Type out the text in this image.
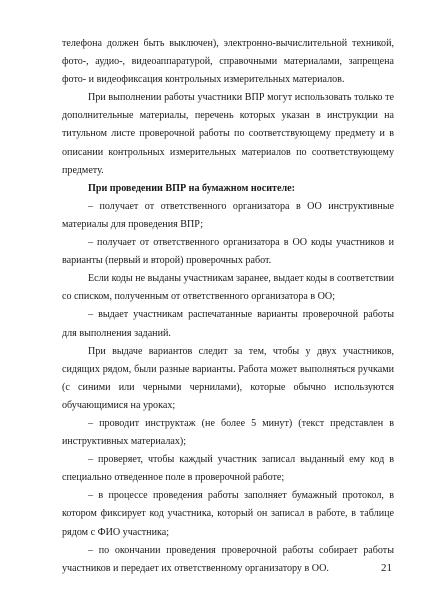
телефона должен быть выключен), электронно-вычислительной техникой, фото-, аудио-, видеоаппаратурой, справочными материалами, запрещена фото- и видеофиксация контрольных измерительных материалов.

При выполнении работы участники ВПР могут использовать только те дополнительные материалы, перечень которых указан в инструкции на титульном листе проверочной работы по соответствующему предмету и в описании контрольных измерительных материалов по соответствующему предмету.

При проведении ВПР на бумажном носителе:

– получает от ответственного организатора в ОО инструктивные материалы для проведения ВПР;

– получает от ответственного организатора в ОО коды участников и варианты (первый и второй) проверочных работ.

Если коды не выданы участникам заранее, выдает коды в соответствии со списком, полученным от ответственного организатора в ОО;

– выдает участникам распечатанные варианты проверочной работы для выполнения заданий.

При выдаче вариантов следит за тем, чтобы у двух участников, сидящих рядом, были разные варианты. Работа может выполняться ручками (с синими или черными чернилами), которые обычно используются обучающимися на уроках;

– проводит инструктаж (не более 5 минут) (текст представлен в инструктивных материалах);

– проверяет, чтобы каждый участник записал выданный ему код в специально отведенное поле в проверочной работе;

– в процессе проведения работы заполняет бумажный протокол, в котором фиксирует код участника, который он записал в работе, в таблице рядом с ФИО участника;

– по окончании проведения проверочной работы собирает работы участников и передает их ответственному организатору в ОО.	21
